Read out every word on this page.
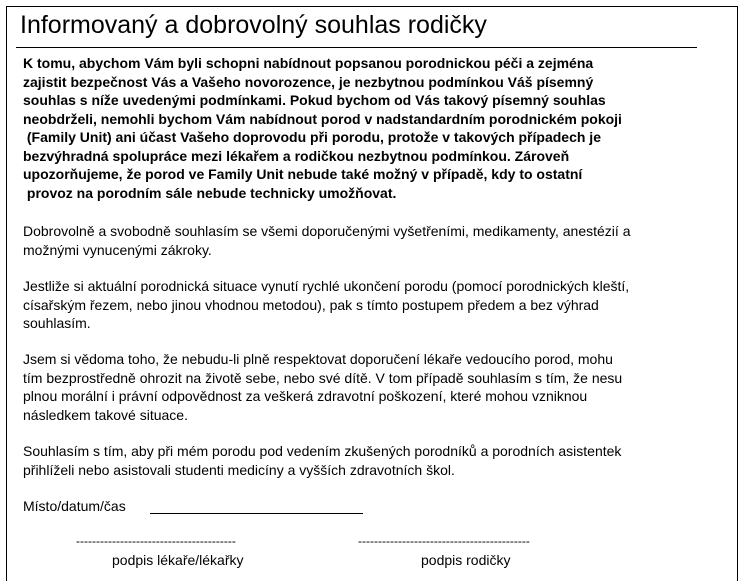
Informovaný a dobrovolný souhlas rodičky
K tomu, abychom Vám byli schopni nabídnout popsanou porodnickou péči a zejména
zajistit bezpečnost Vás a Vašeho novorozence, je nezbytnou podmínkou Váš písemný
souhlas s níže uvedenými podmínkami. Pokud bychom od Vás takový písemný souhlas
neobdrželi, nemohli bychom Vám nabídnout porod v nadstandardním porodnickém pokoji
(Family Unit) ani účast Vašeho doprovodu při porodu, protože v takových případech je
bezvýhradná spolupráce mezi lékařem a rodičkou nezbytnou podmínkou. Zároveň
upozorňujeme, že porod ve Family Unit nebude také možný v případě, kdy to ostatní
provoz na porodním sále nebude technicky umožňovat.
Dobrovolně a svobodně souhlasím se všemi doporučenými vyšetřeními, medikamenty, anestézií a
možnými vynucenými zákroky.
Jestliže si aktuální porodnická situace vynutí rychlé ukončení porodu (pomocí porodnických kleští,
císařským řezem, nebo jinou vhodnou metodou), pak s tímto postupem předem a bez výhrad
souhlasím.
Jsem si vědoma toho, že nebudu-li plně respektovat doporučení lékaře vedoucího porod, mohu
tím bezprostředně ohrozit na životě sebe, nebo své dítě. V tom případě souhlasím s tím, že nesu
plnou morální i právní odpovědnost za veškerá zdravotní poškození, které mohou vzniknou
následkem takové situace.
Souhlasím s tím, aby při mém porodu pod vedením zkušených porodníků a porodních asistentek
přihlíželi nebo asistovali studenti medicíny a vyšších zdravotních škol.
Místo/datum/čas
----------------------------------------	-------------------------------------------
podpis lékaře/lékařky	podpis rodičky
